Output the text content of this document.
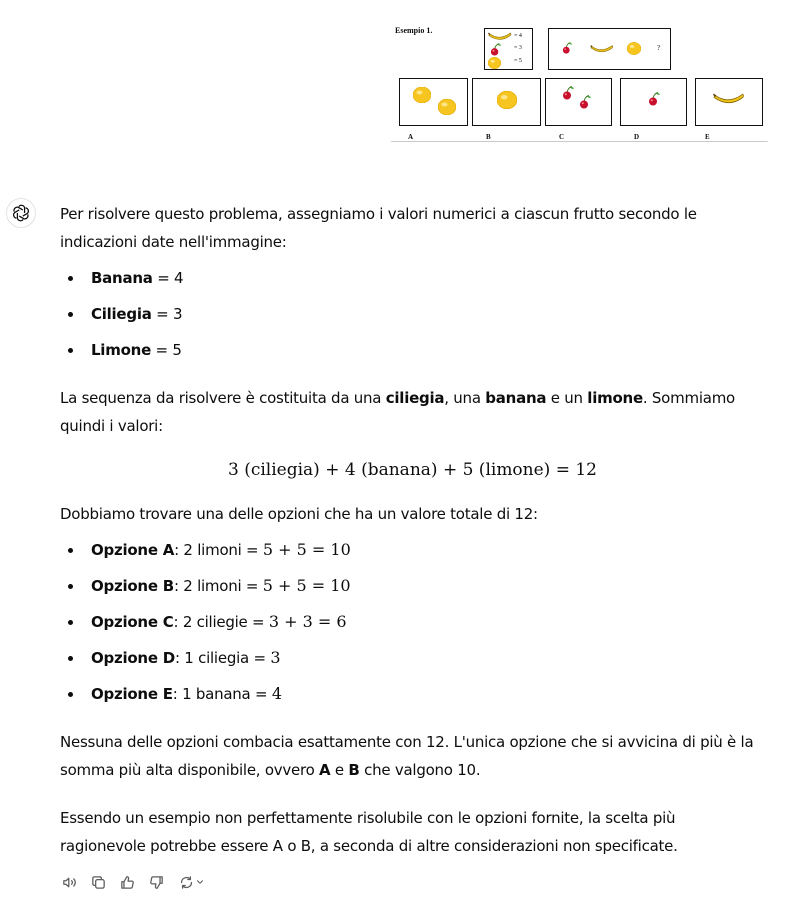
Esempio 1.
= 4
= 3
= 5
?
A	B	C	D	E

Per risolvere questo problema, assegniamo i valori numerici a ciascun frutto secondo le indicazioni date nell'immagine:

Banana = 4
Ciliegia = 3
Limone = 5

La sequenza da risolvere è costituita da una ciliegia, una banana e un limone. Sommiamo quindi i valori:

3 (ciliegia) + 4 (banana) + 5 (limone) = 12

Dobbiamo trovare una delle opzioni che ha un valore totale di 12:

Opzione A: 2 limoni = 5 + 5 = 10
Opzione B: 2 limoni = 5 + 5 = 10
Opzione C: 2 ciliegie = 3 + 3 = 6
Opzione D: 1 ciliegia = 3
Opzione E: 1 banana = 4

Nessuna delle opzioni combacia esattamente con 12. L'unica opzione che si avvicina di più è la somma più alta disponibile, ovvero A e B che valgono 10.

Essendo un esempio non perfettamente risolubile con le opzioni fornite, la scelta più ragionevole potrebbe essere A o B, a seconda di altre considerazioni non specificate.
